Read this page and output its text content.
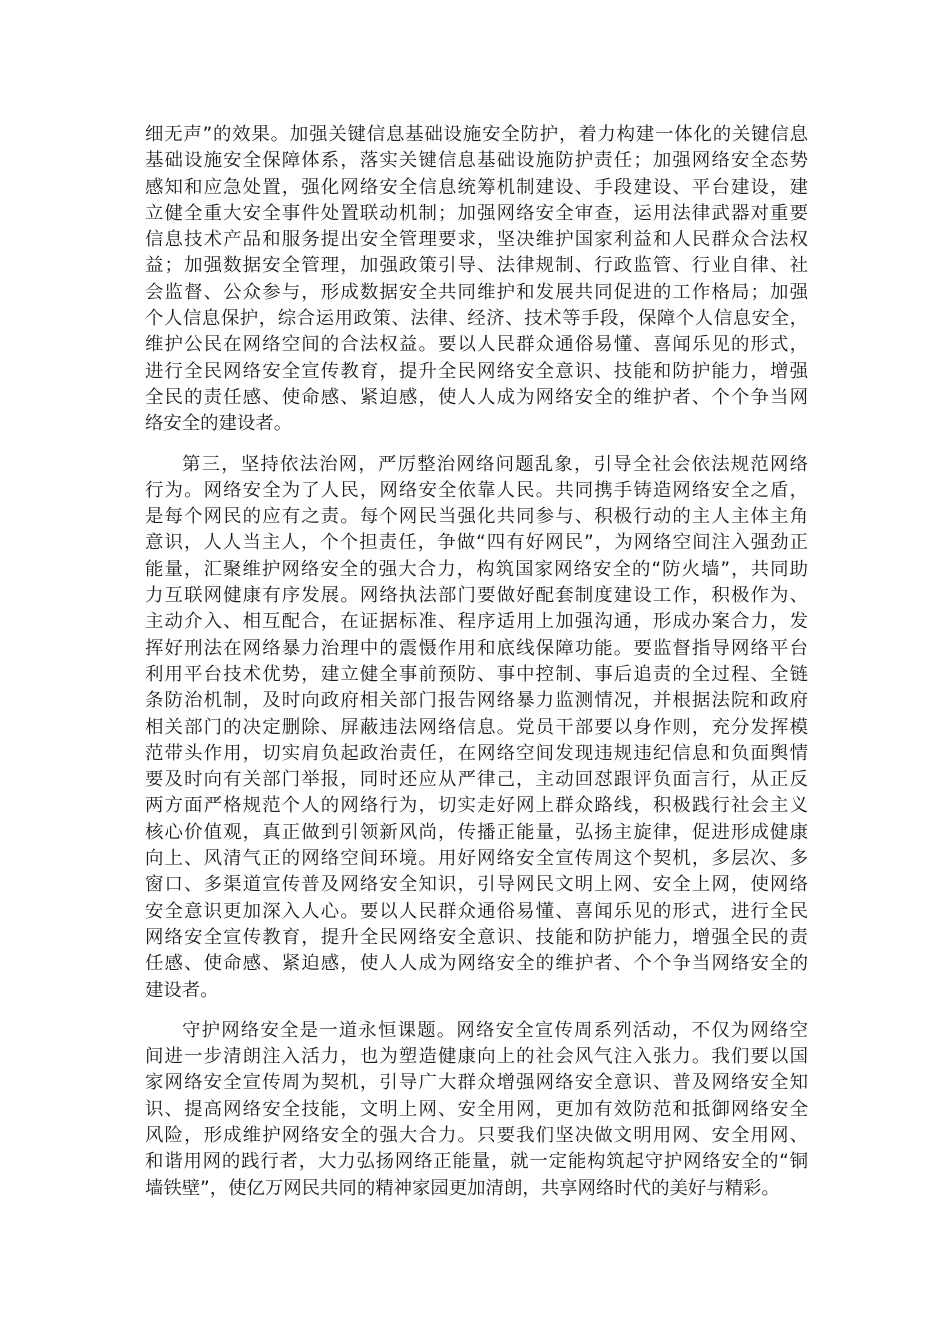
细无声”的效果。加强关键信息基础设施安全防护，着力构建一体化的关键信息
基础设施安全保障体系，落实关键信息基础设施防护责任；加强网络安全态势
感知和应急处置，强化网络安全信息统筹机制建设、手段建设、平台建设，建
立健全重大安全事件处置联动机制；加强网络安全审查，运用法律武器对重要
信息技术产品和服务提出安全管理要求，坚决维护国家利益和人民群众合法权
益；加强数据安全管理，加强政策引导、法律规制、行政监管、行业自律、社
会监督、公众参与，形成数据安全共同维护和发展共同促进的工作格局；加强
个人信息保护，综合运用政策、法律、经济、技术等手段，保障个人信息安全，
维护公民在网络空间的合法权益。要以人民群众通俗易懂、喜闻乐见的形式，
进行全民网络安全宣传教育，提升全民网络安全意识、技能和防护能力，增强
全民的责任感、使命感、紧迫感，使人人成为网络安全的维护者、个个争当网
络安全的建设者。
第三，坚持依法治网，严厉整治网络问题乱象，引导全社会依法规范网络
行为。网络安全为了人民，网络安全依靠人民。共同携手铸造网络安全之盾，
是每个网民的应有之责。每个网民当强化共同参与、积极行动的主人主体主角
意识，人人当主人，个个担责任，争做“四有好网民”，为网络空间注入强劲正
能量，汇聚维护网络安全的强大合力，构筑国家网络安全的“防火墙”，共同助
力互联网健康有序发展。网络执法部门要做好配套制度建设工作，积极作为、
主动介入、相互配合，在证据标准、程序适用上加强沟通，形成办案合力，发
挥好刑法在网络暴力治理中的震慑作用和底线保障功能。要监督指导网络平台
利用平台技术优势，建立健全事前预防、事中控制、事后追责的全过程、全链
条防治机制，及时向政府相关部门报告网络暴力监测情况，并根据法院和政府
相关部门的决定删除、屏蔽违法网络信息。党员干部要以身作则，充分发挥模
范带头作用，切实肩负起政治责任，在网络空间发现违规违纪信息和负面舆情
要及时向有关部门举报，同时还应从严律己，主动回怼跟评负面言行，从正反
两方面严格规范个人的网络行为，切实走好网上群众路线，积极践行社会主义
核心价值观，真正做到引领新风尚，传播正能量，弘扬主旋律，促进形成健康
向上、风清气正的网络空间环境。用好网络安全宣传周这个契机，多层次、多
窗口、多渠道宣传普及网络安全知识，引导网民文明上网、安全上网，使网络
安全意识更加深入人心。要以人民群众通俗易懂、喜闻乐见的形式，进行全民
网络安全宣传教育，提升全民网络安全意识、技能和防护能力，增强全民的责
任感、使命感、紧迫感，使人人成为网络安全的维护者、个个争当网络安全的
建设者。
守护网络安全是一道永恒课题。网络安全宣传周系列活动，不仅为网络空
间进一步清朗注入活力，也为塑造健康向上的社会风气注入张力。我们要以国
家网络安全宣传周为契机，引导广大群众增强网络安全意识、普及网络安全知
识、提高网络安全技能，文明上网、安全用网，更加有效防范和抵御网络安全
风险，形成维护网络安全的强大合力。只要我们坚决做文明用网、安全用网、
和谐用网的践行者，大力弘扬网络正能量，就一定能构筑起守护网络安全的“铜
墙铁壁”，使亿万网民共同的精神家园更加清朗，共享网络时代的美好与精彩。
